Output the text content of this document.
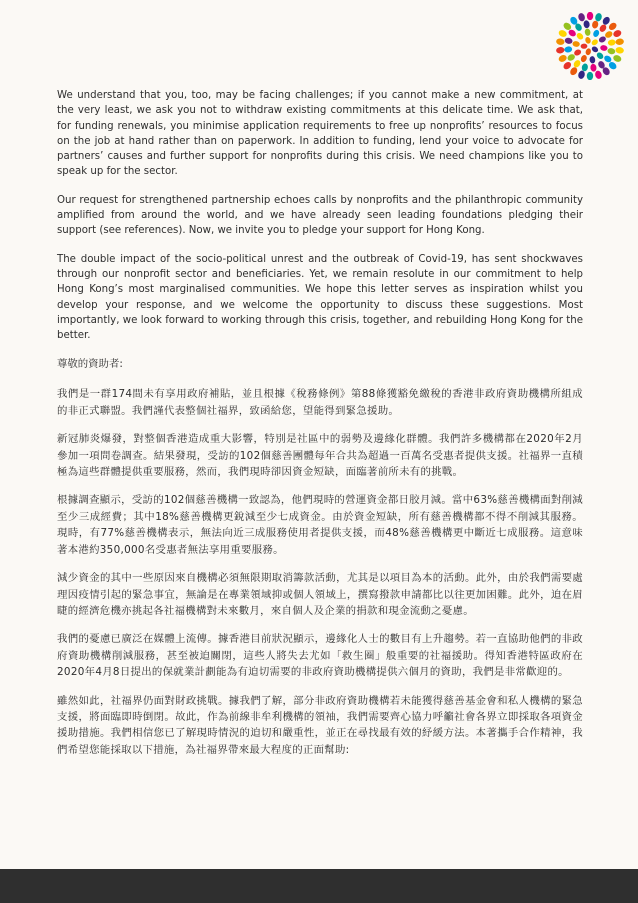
We understand that you, too, may be facing challenges; if you cannot make a new commitment, at the very least, we ask you not to withdraw existing commitments at this delicate time. We ask that, for funding renewals, you minimise application requirements to free up nonprofits’ resources to focus on the job at hand rather than on paperwork. In addition to funding, lend your voice to advocate for partners’ causes and further support for nonprofits during this crisis. We need champions like you to speak up for the sector.

Our request for strengthened partnership echoes calls by nonprofits and the philanthropic community amplified from around the world, and we have already seen leading foundations pledging their support (see references). Now, we invite you to pledge your support for Hong Kong.

The double impact of the socio-political unrest and the outbreak of Covid-19, has sent shockwaves through our nonprofit sector and beneficiaries. Yet, we remain resolute in our commitment to help Hong Kong’s most marginalised communities. We hope this letter serves as inspiration whilst you develop your response, and we welcome the opportunity to discuss these suggestions. Most importantly, we look forward to working through this crisis, together, and rebuilding Hong Kong for the better.

尊敬的資助者:

我們是一群174間未有享用政府補貼，並且根據《稅務條例》第88條獲豁免繳稅的香港非政府資助機構所組成的非正式聯盟。我們謹代表整個社福界，致函給您，望能得到緊急援助。

新冠肺炎爆發，對整個香港造成重大影響，特別是社區中的弱勢及邊緣化群體。我們許多機構都在2020年2月參加一項問卷調查。結果發現，受訪的102個慈善團體每年合共為超過一百萬名受惠者提供支援。社福界一直積極為這些群體提供重要服務，然而，我們現時卻因資金短缺，面臨著前所未有的挑戰。

根據調查顯示，受訪的102個慈善機構一致認為，他們現時的營運資金都日㬵月減。當中63%慈善機構面對削減至少三成經費；其中18%慈善機構更銳減至少七成資金。由於資金短缺，所有慈善機構都不得不削減其服務。現時，有77%慈善機構表示，無法向近三成服務使用者提供支援，而48%慈善機構更中斷近七成服務。這意味著本港約350,000名受惠者無法享用重要服務。

減少資金的其中一些原因來自機構必須無限期取消籌款活動，尤其是以項目為本的活動。此外，由於我們需要處理因疫情引起的緊急事宜，無論是在專業領域抑或個人領域上，撰寫撥款申請都比以往更加困難。此外，迫在眉睫的經濟危機亦挑起各社福機構對未來數月，來自個人及企業的捐款和現金流動之憂慮。

我們的憂慮已廣泛在媒體上流傳。據香港目前狀況顯示，邊緣化人士的數目有上升趨勢。若一直協助他們的非政府資助機構削減服務，甚至被迫關閉，這些人將失去尤如「救生圈」般重要的社福援助。得知香港特區政府在2020年4月8日提出的保就業計劃能為有迫切需要的非政府資助機構提供六個月的資助，我們是非常歡迎的。

雖然如此，社福界仍面對財政挑戰。據我們了解，部分非政府資助機構若未能獲得慈善基金會和私人機構的緊急支援，將面臨即時倒閉。故此，作為前線非牟利機構的領袖，我們需要齊心協力呼籲社會各界立即採取各項資金援助措施。我們相信您已了解現時情況的迫切和嚴重性，並正在尋找最有效的紓緩方法。本著攜手合作精神，我們希望您能採取以下措施，為社福界帶來最大程度的正面幫助:
